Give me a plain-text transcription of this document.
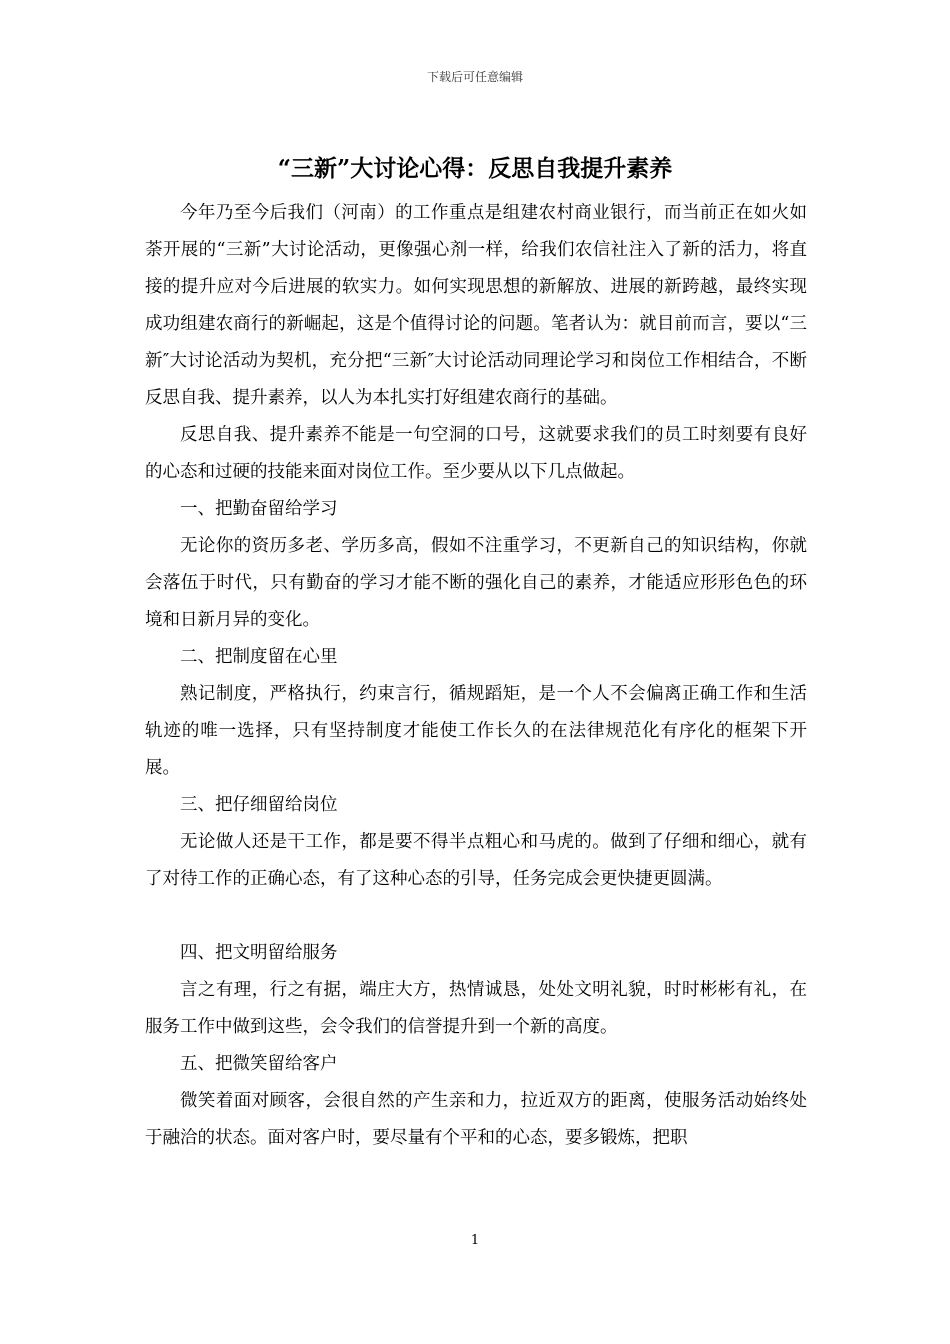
下载后可任意编辑
“三新”大讨论心得：反思自我提升素养

今年乃至今后我们（河南）的工作重点是组建农村商业银行，而当前正在如火如荼开展的“三新”大讨论活动，更像强心剂一样，给我们农信社注入了新的活力，将直接的提升应对今后进展的软实力。如何实现思想的新解放、进展的新跨越，最终实现成功组建农商行的新崛起，这是个值得讨论的问题。笔者认为：就目前而言，要以“三新″大讨论活动为契机，充分把“三新″大讨论活动同理论学习和岗位工作相结合，不断反思自我、提升素养，以人为本扎实打好组建农商行的基础。

反思自我、提升素养不能是一句空洞的口号，这就要求我们的员工时刻要有良好的心态和过硬的技能来面对岗位工作。至少要从以下几点做起。

一、把勤奋留给学习

无论你的资历多老、学历多高，假如不注重学习，不更新自己的知识结构，你就会落伍于时代，只有勤奋的学习才能不断的强化自己的素养，才能适应形形色色的环境和日新月异的变化。

二、把制度留在心里

熟记制度，严格执行，约束言行，循规蹈矩，是一个人不会偏离正确工作和生活轨迹的唯一选择，只有坚持制度才能使工作长久的在法律规范化有序化的框架下开展。

三、把仔细留给岗位

无论做人还是干工作，都是要不得半点粗心和马虎的。做到了仔细和细心，就有了对待工作的正确心态，有了这种心态的引导，任务完成会更快捷更圆满。

四、把文明留给服务

言之有理，行之有据，端庄大方，热情诚恳，处处文明礼貌，时时彬彬有礼，在服务工作中做到这些，会令我们的信誉提升到一个新的高度。

五、把微笑留给客户

微笑着面对顾客，会很自然的产生亲和力，拉近双方的距离，使服务活动始终处于融洽的状态。面对客户时，要尽量有个平和的心态，要多锻炼，把职

1
